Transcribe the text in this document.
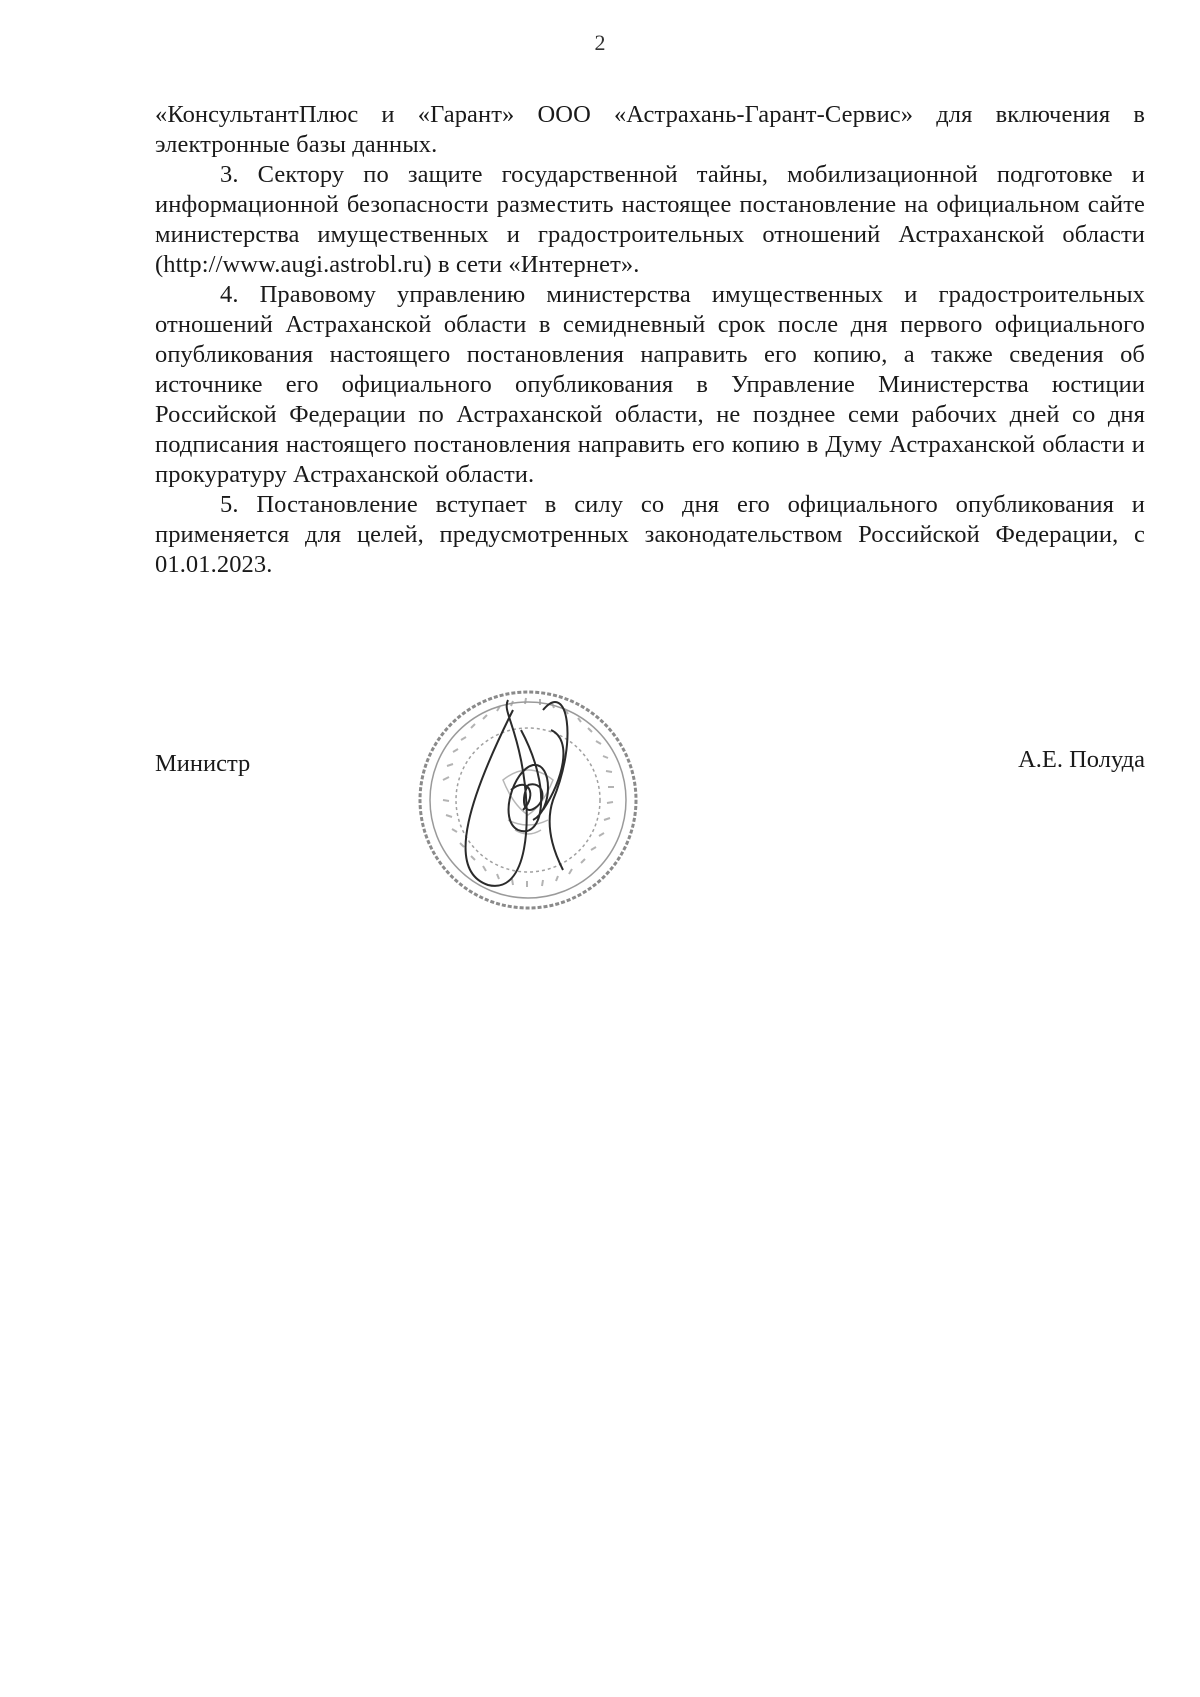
2

«КонсультантПлюс и «Гарант» ООО «Астрахань-Гарант-Сервис» для включения в электронные базы данных.

3. Сектору по защите государственной тайны, мобилизационной подготовке и информационной безопасности разместить настоящее постановление на официальном сайте министерства имущественных и градостроительных отношений Астраханской области (http://www.augi.astrobl.ru) в сети «Интернет».

4. Правовому управлению министерства имущественных и градостроительных отношений Астраханской области в семидневный срок после дня первого официального опубликования настоящего постановления направить его копию, а также сведения об источнике его официального опубликования в Управление Министерства юстиции Российской Федерации по Астраханской области, не позднее семи рабочих дней со дня подписания настоящего постановления направить его копию в Думу Астраханской области и прокуратуру Астраханской области.

5. Постановление вступает в силу со дня его официального опубликования и применяется для целей, предусмотренных законодательством Российской Федерации, с 01.01.2023.

Министр	А.Е. Полуда
